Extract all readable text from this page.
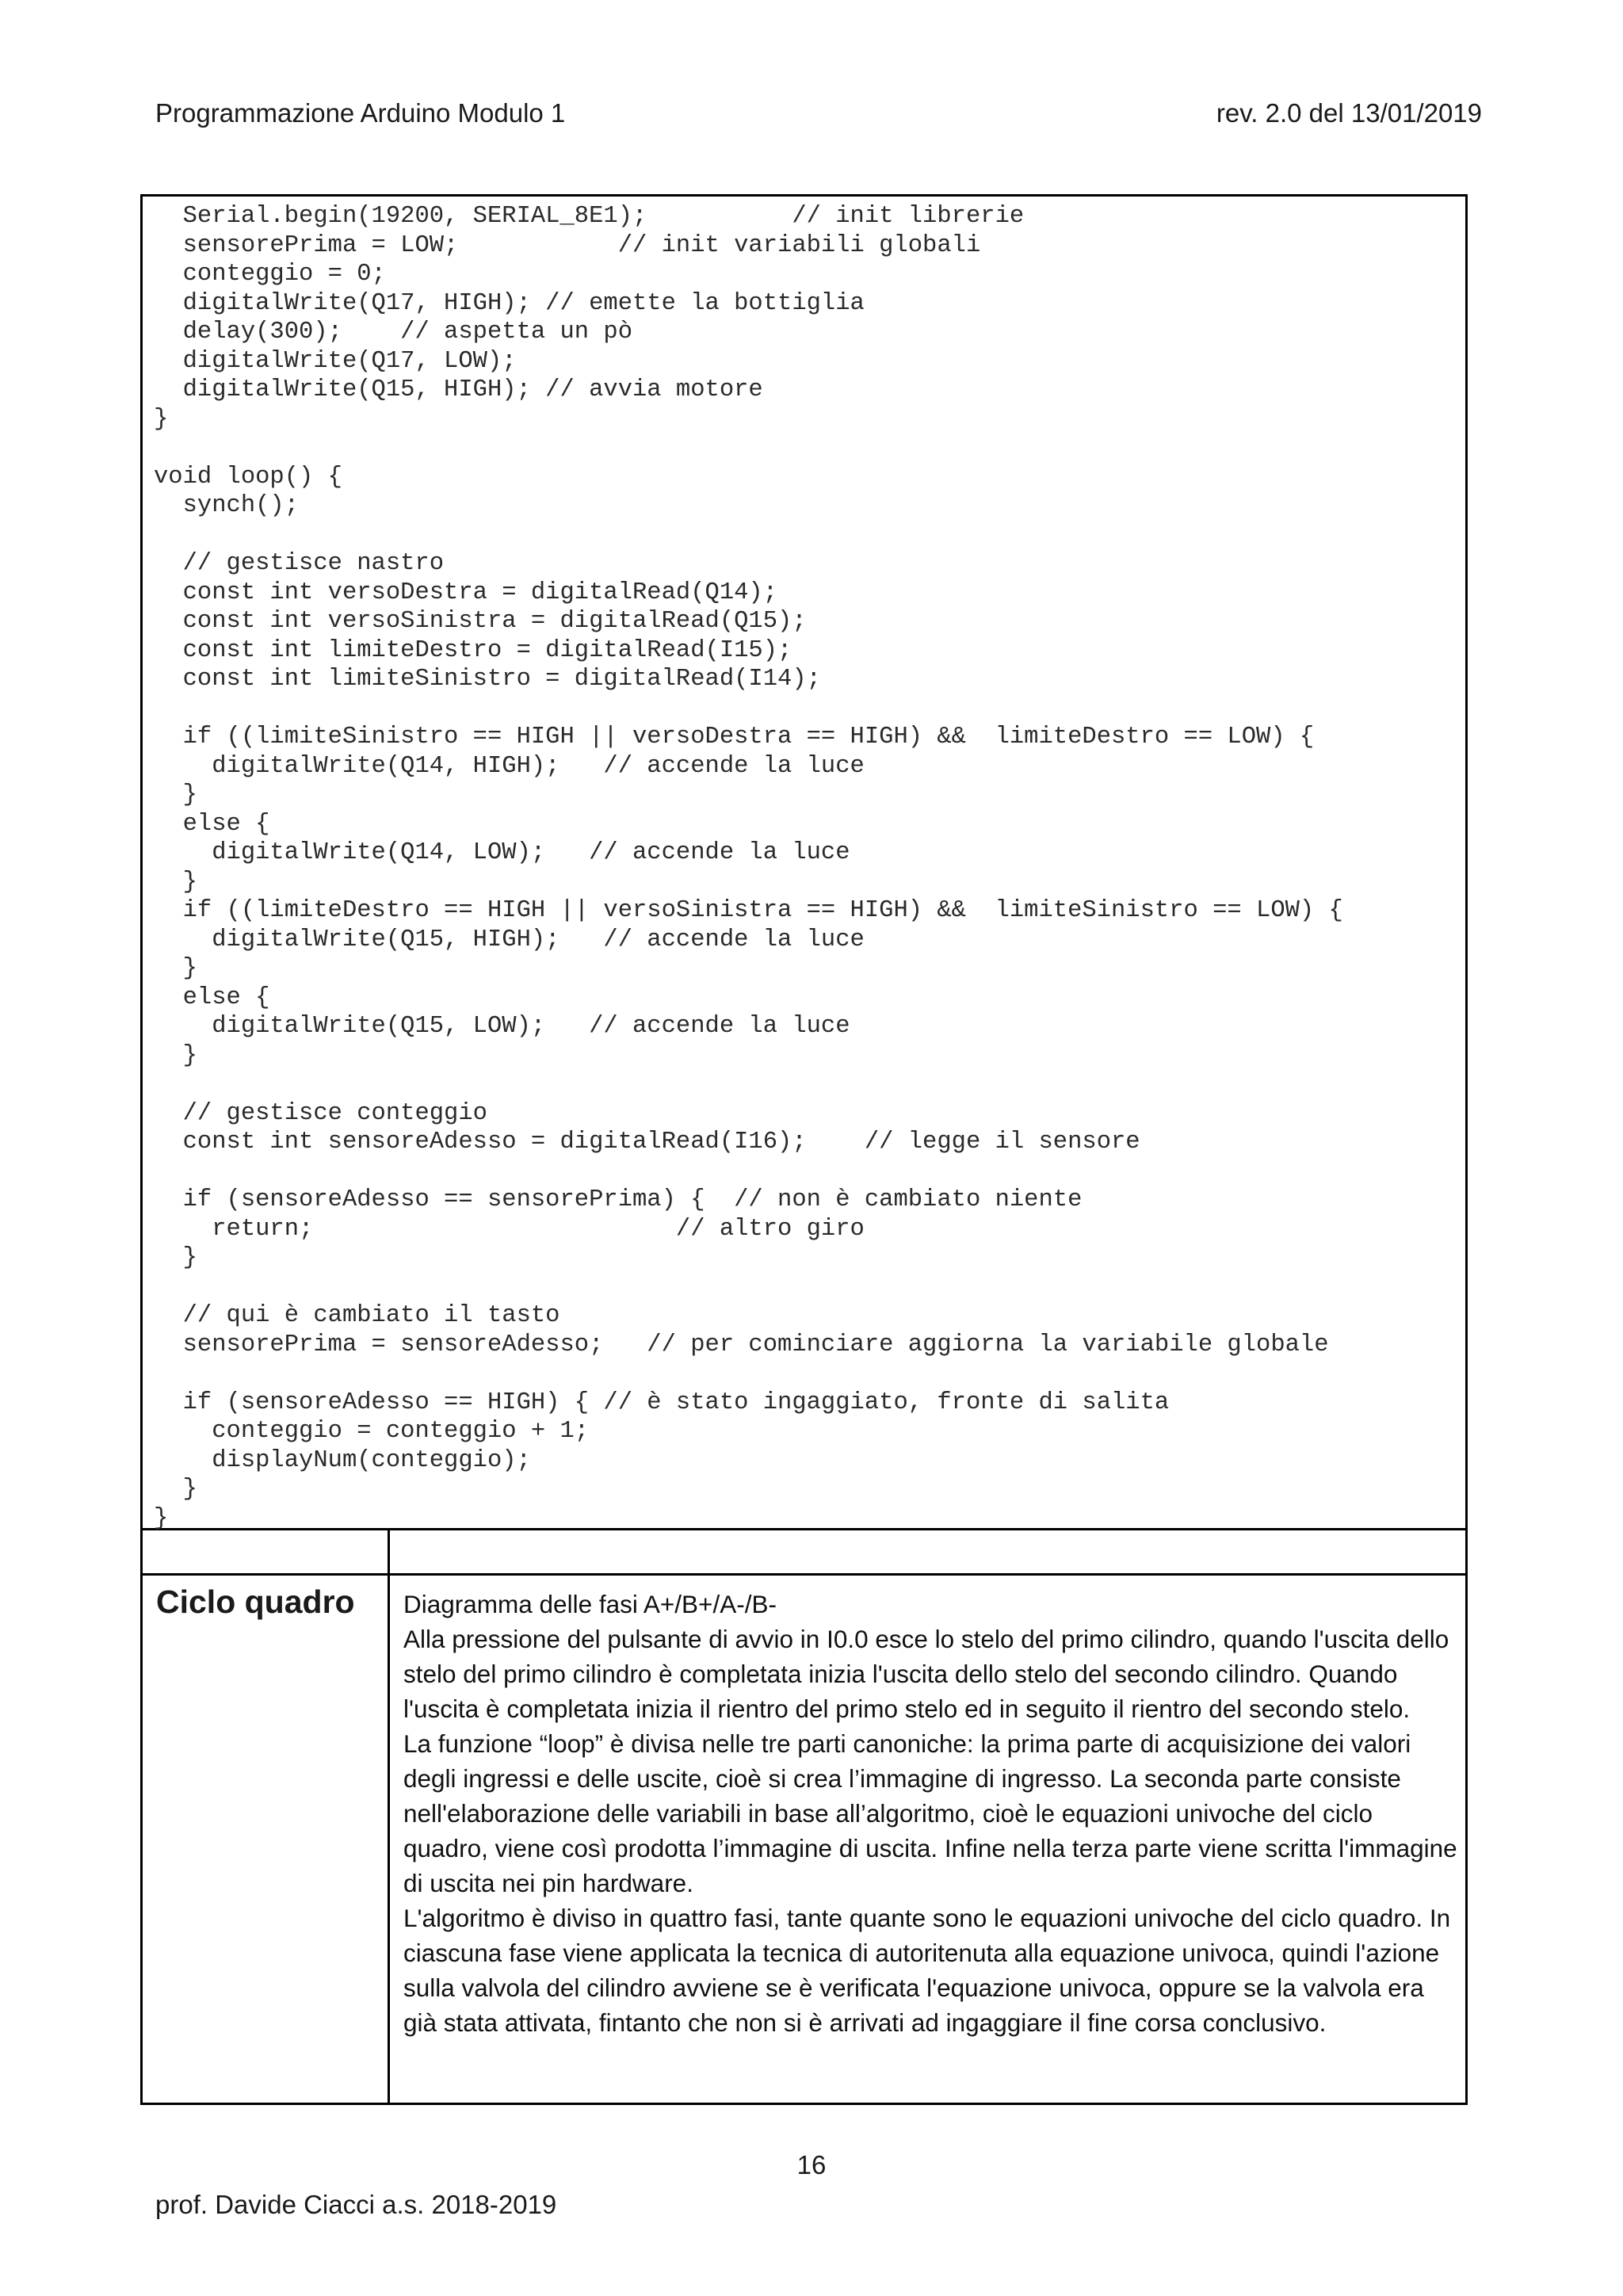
Programmazione Arduino Modulo 1	rev. 2.0 del 13/01/2019
Serial.begin(19200, SERIAL_8E1);          // init librerie
sensorePrima = LOW;           // init variabili globali
conteggio = 0;
digitalWrite(Q17, HIGH); // emette la bottiglia
delay(300);    // aspetta un pò
digitalWrite(Q17, LOW);
digitalWrite(Q15, HIGH); // avvia motore
}
void loop() {
synch();
// gestisce nastro
const int versoDestra = digitalRead(Q14);
const int versoSinistra = digitalRead(Q15);
const int limiteDestro = digitalRead(I15);
const int limiteSinistro = digitalRead(I14);
if ((limiteSinistro == HIGH || versoDestra == HIGH) &&  limiteDestro == LOW) {
digitalWrite(Q14, HIGH);   // accende la luce
}
else {
digitalWrite(Q14, LOW);   // accende la luce
}
if ((limiteDestro == HIGH || versoSinistra == HIGH) &&  limiteSinistro == LOW) {
digitalWrite(Q15, HIGH);   // accende la luce
}
else {
digitalWrite(Q15, LOW);   // accende la luce
}
// gestisce conteggio
const int sensoreAdesso = digitalRead(I16);    // legge il sensore
if (sensoreAdesso == sensorePrima) {  // non è cambiato niente
return;                         // altro giro
}
// qui è cambiato il tasto
sensorePrima = sensoreAdesso;   // per cominciare aggiorna la variabile globale
if (sensoreAdesso == HIGH) { // è stato ingaggiato, fronte di salita
conteggio = conteggio + 1;
displayNum(conteggio);
}
}
Ciclo quadro Diagramma delle fasi A+/B+/A-/B-
Alla pressione del pulsante di avvio in I0.0 esce lo stelo del primo cilindro, quando l'uscita dello stelo del primo cilindro è completata inizia l'uscita dello stelo del secondo cilindro. Quando l'uscita è completata inizia il rientro del primo stelo ed in seguito il rientro del secondo stelo.
La funzione “loop” è divisa nelle tre parti canoniche: la prima parte di acquisizione dei valori degli ingressi e delle uscite, cioè si crea l’immagine di ingresso. La seconda parte consiste nell'elaborazione delle variabili in base all’algoritmo, cioè le equazioni univoche del ciclo quadro, viene così prodotta l’immagine di uscita. Infine nella terza parte viene scritta l'immagine di uscita nei pin hardware.
L'algoritmo è diviso in quattro fasi, tante quante sono le equazioni univoche del ciclo quadro. In ciascuna fase viene applicata la tecnica di autoritenuta alla equazione univoca, quindi l'azione sulla valvola del cilindro avviene se è verificata l'equazione univoca, oppure se la valvola era già stata attivata, fintanto che non si è arrivati ad ingaggiare il fine corsa conclusivo.
16
prof. Davide Ciacci a.s. 2018-2019
